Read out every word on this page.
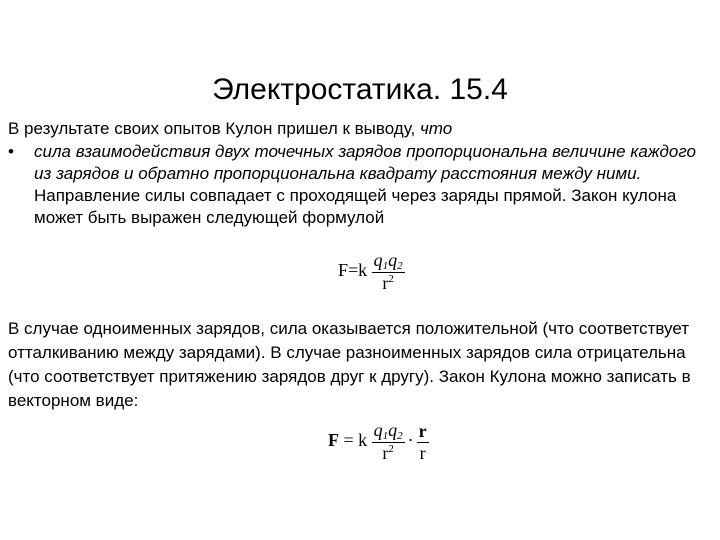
Электростатика. 15.4
В результате своих опытов Кулон пришел к выводу, что
• сила взаимодействия двух точечных зарядов пропорциональна величине каждого из зарядов и обратно пропорциональна квадрату расстояния между ними. Направление силы совпадает с проходящей через заряды прямой. Закон кулона может быть выражен следующей формулой
$F=k \frac{q_1q_2}{r^2}$
В случае одноименных зарядов, сила оказывается положительной (что соответствует отталкиванию между зарядами). В случае разноименных зарядов сила отрицательна (что соответствует притяжению зарядов друг к другу). Закон Кулона можно записать в векторном виде:
F = k $\frac{q_1q_2}{r^2} \cdot \frac{r}{r}$
